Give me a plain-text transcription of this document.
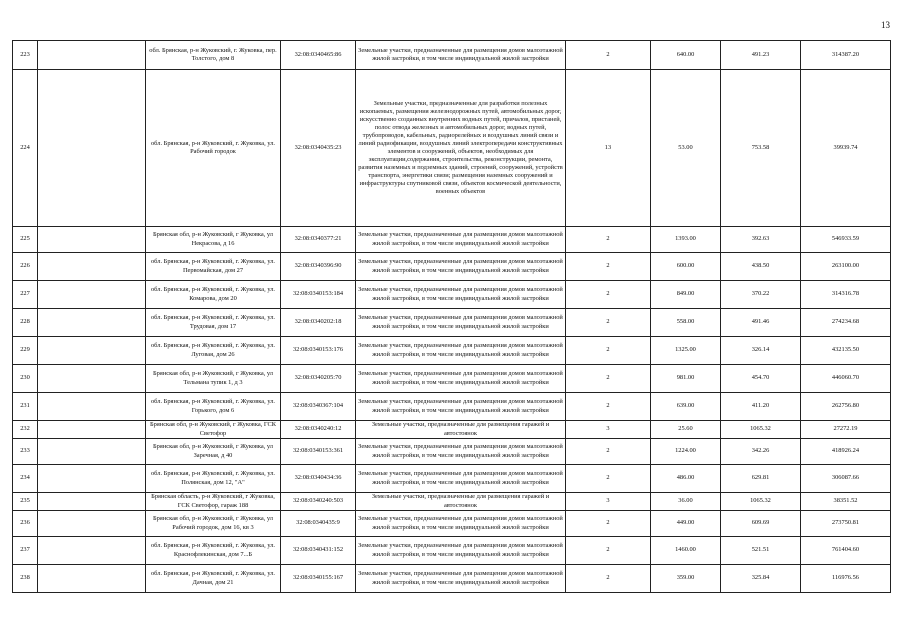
13
223		обл. Брянская, р-н Жуковский, г. Жуковка, пер. Толстого, дом 8	32:08:0340465:86	Земельные участки, предназначенные для размещения домов малоэтажной жилой застройки, в том числе индивидуальной жилой застройки	2	640.00	491.23	314387.20
224		обл. Брянская, р-н Жуковский, г. Жуковка, ул. Рабочий городок	32:08:0340435:23	Земельные участки, предназначенные для разработки полезных ископаемых, размещения железнодорожных путей, автомобильных дорог, искусственно созданных внутренних водных путей, причалов, пристаней, полос отвода железных и автомобильных дорог, водных путей, трубопроводов, кабельных, радиорелейных и воздушных линий связи и линий радиофикации, воздушных линий электропередачи конструктивных элементов и сооружений, объектов, необходимых для эксплуатации,содержания, строительства, реконструкции, ремонта, развития наземных и подземных зданий, строений, сооружений, устройств транспорта, энергетики связи; размещения наземных сооружений и инфраструктуры спутниковой связи, объектов космической деятельности, военных объектов	13	53.00	753.58	39939.74
225		Брянская обл, р-н Жуковский, г Жуковка, ул Некрасова, д 16	32:08:0340377:21	Земельные участки, предназначенные для размещения домов малоэтажной жилой застройки, в том числе индивидуальной жилой застройки	2	1393.00	392.63	546933.59
226		обл. Брянская, р-н Жуковский, г. Жуковка, ул. Первомайская, дом 27	32:08:0340396:90	Земельные участки, предназначенные для размещения домов малоэтажной жилой застройки, в том числе индивидуальной жилой застройки	2	600.00	438.50	263100.00
227		обл. Брянская, р-н Жуковский, г. Жуковка, ул. Комарова, дом 20	32:08:0340153:184	Земельные участки, предназначенные для размещения домов малоэтажной жилой застройки, в том числе индивидуальной жилой застройки	2	849.00	370.22	314316.78
228		обл. Брянская, р-н Жуковский, г. Жуковка, ул. Трудовая, дом 17	32:08:0340202:18	Земельные участки, предназначенные для размещения домов малоэтажной жилой застройки, в том числе индивидуальной жилой застройки	2	558.00	491.46	274234.68
229		обл. Брянская, р-н Жуковский, г. Жуковка, ул. Луговая, дом 26	32:08:0340153:176	Земельные участки, предназначенные для размещения домов малоэтажной жилой застройки, в том числе индивидуальной жилой застройки	2	1325.00	326.14	432135.50
230		Брянская обл, р-н Жуковский, г Жуковка, ул Тельмана тупик 1, д 3	32:08:0340205:70	Земельные участки, предназначенные для размещения домов малоэтажной жилой застройки, в том числе индивидуальной жилой застройки	2	981.00	454.70	446060.70
231		обл. Брянская, р-н Жуковский, г. Жуковка, ул. Горького, дом 6	32:08:0340367:104	Земельные участки, предназначенные для размещения домов малоэтажной жилой застройки, в том числе индивидуальной жилой застройки	2	639.00	411.20	262756.80
232		Брянская обл, р-н Жуковский, г Жуковка, ГСК Светофор	32:08:0340240:12	Земельные участки, предназначенные для размещения гаражей и автостоянок	3	25.60	1065.32	27272.19
233		Брянская обл, р-н Жуковский, г Жуковка, ул Заречная, д 40	32:08:0340153:361	Земельные участки, предназначенные для размещения домов малоэтажной жилой застройки, в том числе индивидуальной жилой застройки	2	1224.00	342.26	418926.24
234		обл. Брянская, р-н Жуковский, г. Жуковка, ул. Полянская, дом 12, "А"	32:08:0340434:36	Земельные участки, предназначенные для размещения домов малоэтажной жилой застройки, в том числе индивидуальной жилой застройки	2	486.00	629.81	306087.66
235		Брянская область, р-н Жуковский, г Жуковка, ГСК Светофор, гараж 188	32:08:0340240:503	Земельные участки, предназначенные для размещения гаражей и автостоянок	3	36.00	1065.32	38351.52
236		Брянская обл, р-н Жуковский, г Жуковка, ул Рабочий городок, дом 16, кв 3	32:08:0340435:9	Земельные участки, предназначенные для размещения домов малоэтажной жилой застройки, в том числе индивидуальной жилой застройки	2	449.00	609.69	273750.81
237		обл. Брянская, р-н Жуковский, г. Жуковка, ул. Краснофлекинская, дом 7...Б	32:08:0340431:152	Земельные участки, предназначенные для размещения домов малоэтажной жилой застройки, в том числе индивидуальной жилой застройки	2	1460.00	521.51	761404.60
238		обл. Брянская, р-н Жуковский, г. Жуковка, ул. Дачная, дом 21	32:08:0340155:167	Земельные участки, предназначенные для размещения домов малоэтажной жилой застройки, в том числе индивидуальной жилой застройки	2	359.00	325.84	116976.56
